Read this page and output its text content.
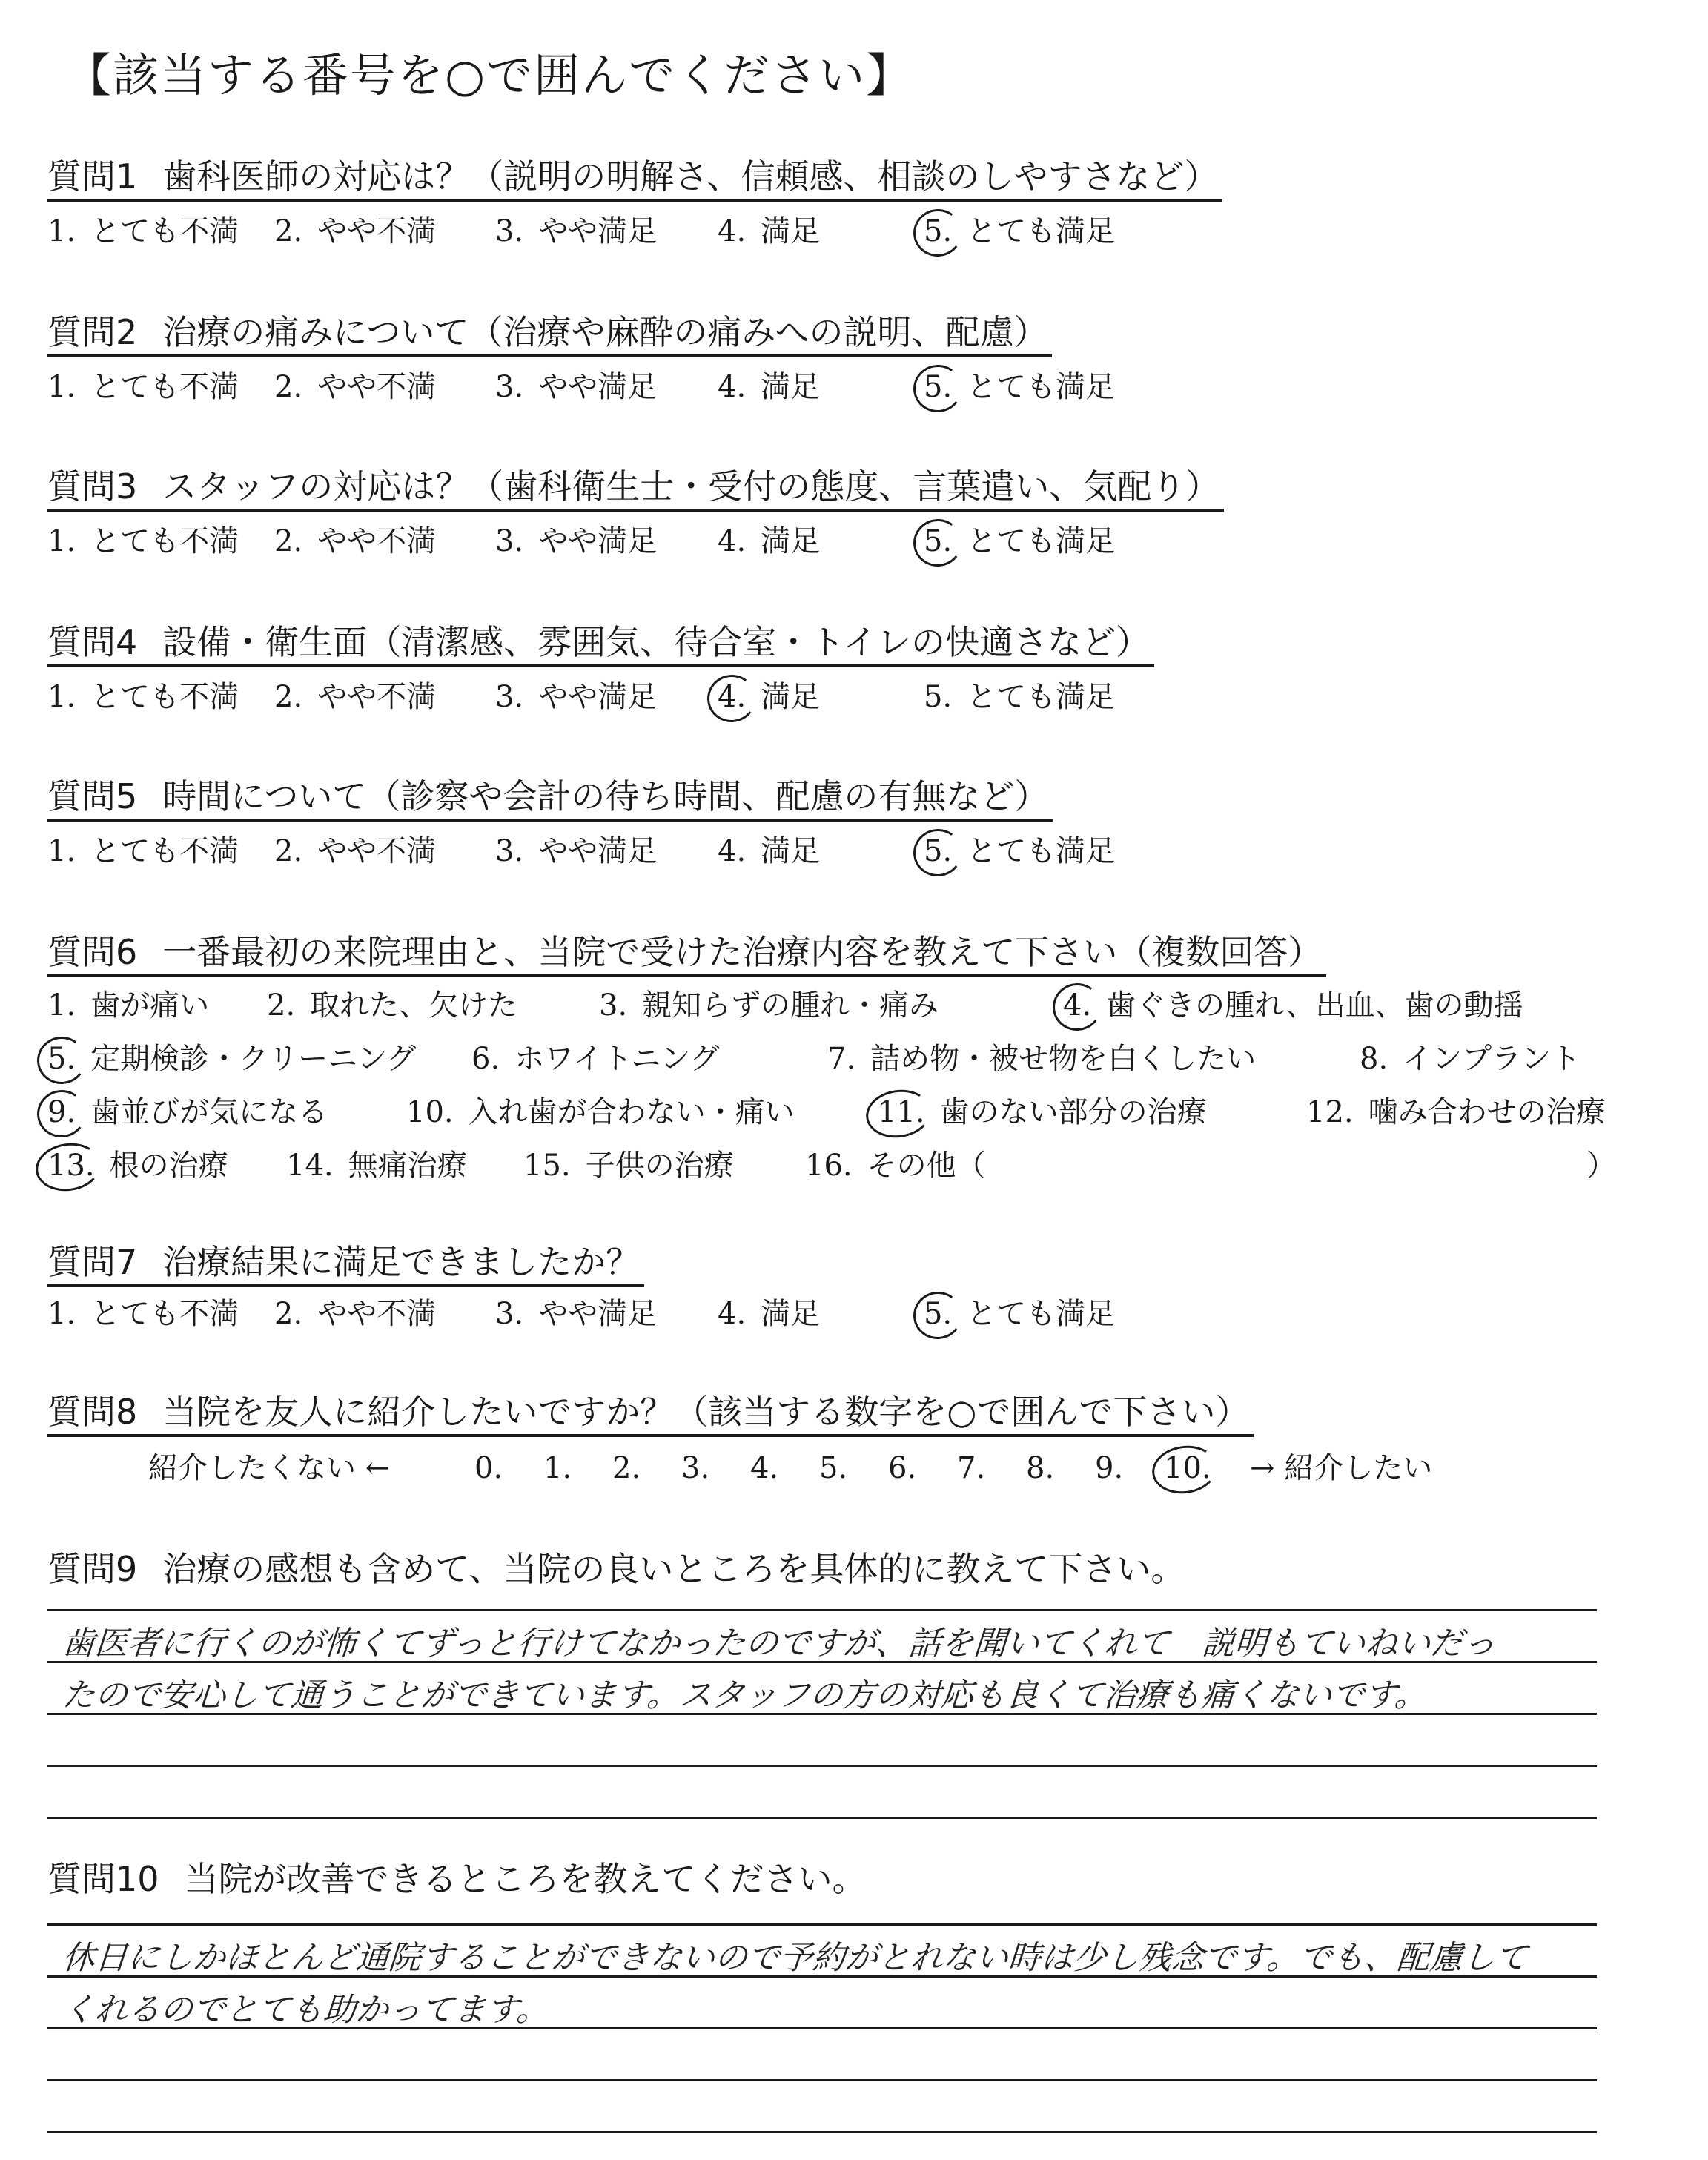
【該当する番号を○で囲んでください】
質問1 歯科医師の対応は？（説明の明解さ、信頼感、相談のしやすさなど）
1. とても不満 2. やや不満 3. やや満足 4. 満足	5. とても満足
質問2 治療の痛みについて（治療や麻酔の痛みへの説明、配慮）
1. とても不満 2. やや不満 3. やや満足 4. 満足	5. とても満足
質問3 スタッフの対応は？（歯科衛生士・受付の態度、言葉遣い、気配り）
1. とても不満 2. やや不満 3. やや満足 4. 満足	5. とても満足
質問4 設備・衛生面（清潔感、雰囲気、待合室・トイレの快適さなど）
1. とても不満 2. やや不満 3. やや満足 4. 満足	5. とても満足
質問5 時間について（診察や会計の待ち時間、配慮の有無など）
1. とても不満 2. やや不満 3. やや満足 4. 満足	5. とても満足
質問6 一番最初の来院理由と、当院で受けた治療内容を教えて下さい（複数回答）
1. 歯が痛い 2. 取れた、欠けた	3. 親知らずの腫れ・痛み	4. 歯ぐきの腫れ、出血、歯の動揺
5. 定期検診・クリーニング 6. ホワイトニング	7. 詰め物・被せ物を白くしたい	8. インプラント
9. 歯並びが気になる	10. 入れ歯が合わない・痛い	11. 歯のない部分の治療	12. 噛み合わせの治療
13. 根の治療 14. 無痛治療 15. 子供の治療 16. その他（	）
質問7 治療結果に満足できましたか？
1. とても不満 2. やや不満 3. やや満足 4. 満足	5. とても満足
質問8 当院を友人に紹介したいですか？（該当する数字を○で囲んで下さい）
紹介したくない ←	0. 1. 2. 3. 4. 5. 6. 7. 8. 9. 10. → 紹介したい
質問9 治療の感想も含めて、当院の良いところを具体的に教えて下さい。
歯医者に行くのが怖くてずっと行けてなかったのですが、話を聞いてくれて　説明もていねいだっ
たので安心して通うことができています。スタッフの方の対応も良くて治療も痛くないです。
質問10 当院が改善できるところを教えてください。
休日にしかほとんど通院することができないので予約がとれない時は少し残念です。でも、配慮して
くれるのでとても助かってます。
